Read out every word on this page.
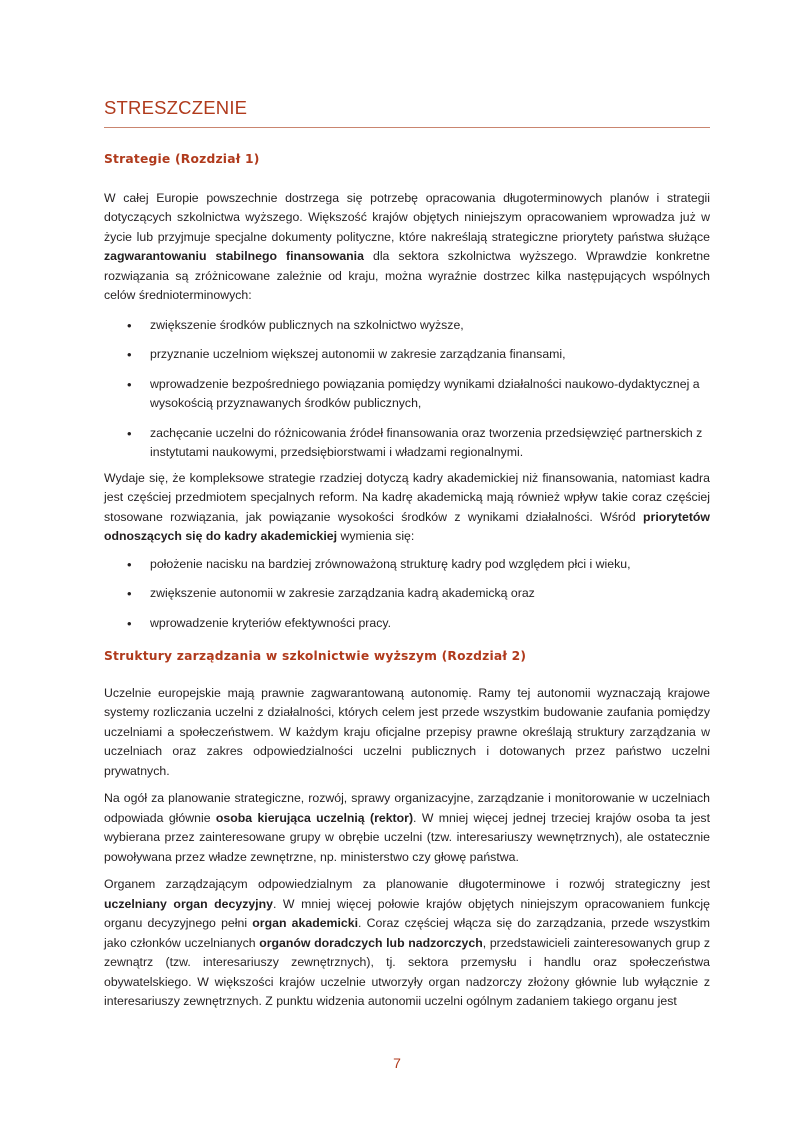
STRESZCZENIE
Strategie (Rozdział 1)

W całej Europie powszechnie dostrzega się potrzebę opracowania długoterminowych planów i strategii dotyczących szkolnictwa wyższego. Większość krajów objętych niniejszym opracowaniem wprowadza już w życie lub przyjmuje specjalne dokumenty polityczne, które nakreślają strategiczne priorytety państwa służące zagwarantowaniu stabilnego finansowania dla sektora szkolnictwa wyższego. Wprawdzie konkretne rozwiązania są zróżnicowane zależnie od kraju, można wyraźnie dostrzec kilka następujących wspólnych celów średnioterminowych:

• zwiększenie środków publicznych na szkolnictwo wyższe,
• przyznanie uczelniom większej autonomii w zakresie zarządzania finansami,
• wprowadzenie bezpośredniego powiązania pomiędzy wynikami działalności naukowo-dydaktycznej a wysokością przyznawanych środków publicznych,
• zachęcanie uczelni do różnicowania źródeł finansowania oraz tworzenia przedsięwzięć partnerskich z instytutami naukowymi, przedsiębiorstwami i władzami regionalnymi.

Wydaje się, że kompleksowe strategie rzadziej dotyczą kadry akademickiej niż finansowania, natomiast kadra jest częściej przedmiotem specjalnych reform. Na kadrę akademicką mają również wpływ takie coraz częściej stosowane rozwiązania, jak powiązanie wysokości środków z wynikami działalności. Wśród priorytetów odnoszących się do kadry akademickiej wymienia się:

• położenie nacisku na bardziej zrównoważoną strukturę kadry pod względem płci i wieku,
• zwiększenie autonomii w zakresie zarządzania kadrą akademicką oraz
• wprowadzenie kryteriów efektywności pracy.
Struktury zarządzania w szkolnictwie wyższym (Rozdział 2)

Uczelnie europejskie mają prawnie zagwarantowaną autonomię. Ramy tej autonomii wyznaczają krajowe systemy rozliczania uczelni z działalności, których celem jest przede wszystkim budowanie zaufania pomiędzy uczelniami a społeczeństwem. W każdym kraju oficjalne przepisy prawne określają struktury zarządzania w uczelniach oraz zakres odpowiedzialności uczelni publicznych i dotowanych przez państwo uczelni prywatnych.

Na ogół za planowanie strategiczne, rozwój, sprawy organizacyjne, zarządzanie i monitorowanie w uczelniach odpowiada głównie osoba kierująca uczelnią (rektor). W mniej więcej jednej trzeciej krajów osoba ta jest wybierana przez zainteresowane grupy w obrębie uczelni (tzw. interesariuszy wewnętrznych), ale ostatecznie powoływana przez władze zewnętrzne, np. ministerstwo czy głowę państwa.

Organem zarządzającym odpowiedzialnym za planowanie długoterminowe i rozwój strategiczny jest uczelniany organ decyzyjny. W mniej więcej połowie krajów objętych niniejszym opracowaniem funkcję organu decyzyjnego pełni organ akademicki. Coraz częściej włącza się do zarządzania, przede wszystkim jako członków uczelnianych organów doradczych lub nadzorczych, przedstawicieli zainteresowanych grup z zewnątrz (tzw. interesariuszy zewnętrznych), tj. sektora przemysłu i handlu oraz społeczeństwa obywatelskiego. W większości krajów uczelnie utworzyły organ nadzorczy złożony głównie lub wyłącznie z interesariuszy zewnętrznych. Z punktu widzenia autonomii uczelni ogólnym zadaniem takiego organu jest

7
